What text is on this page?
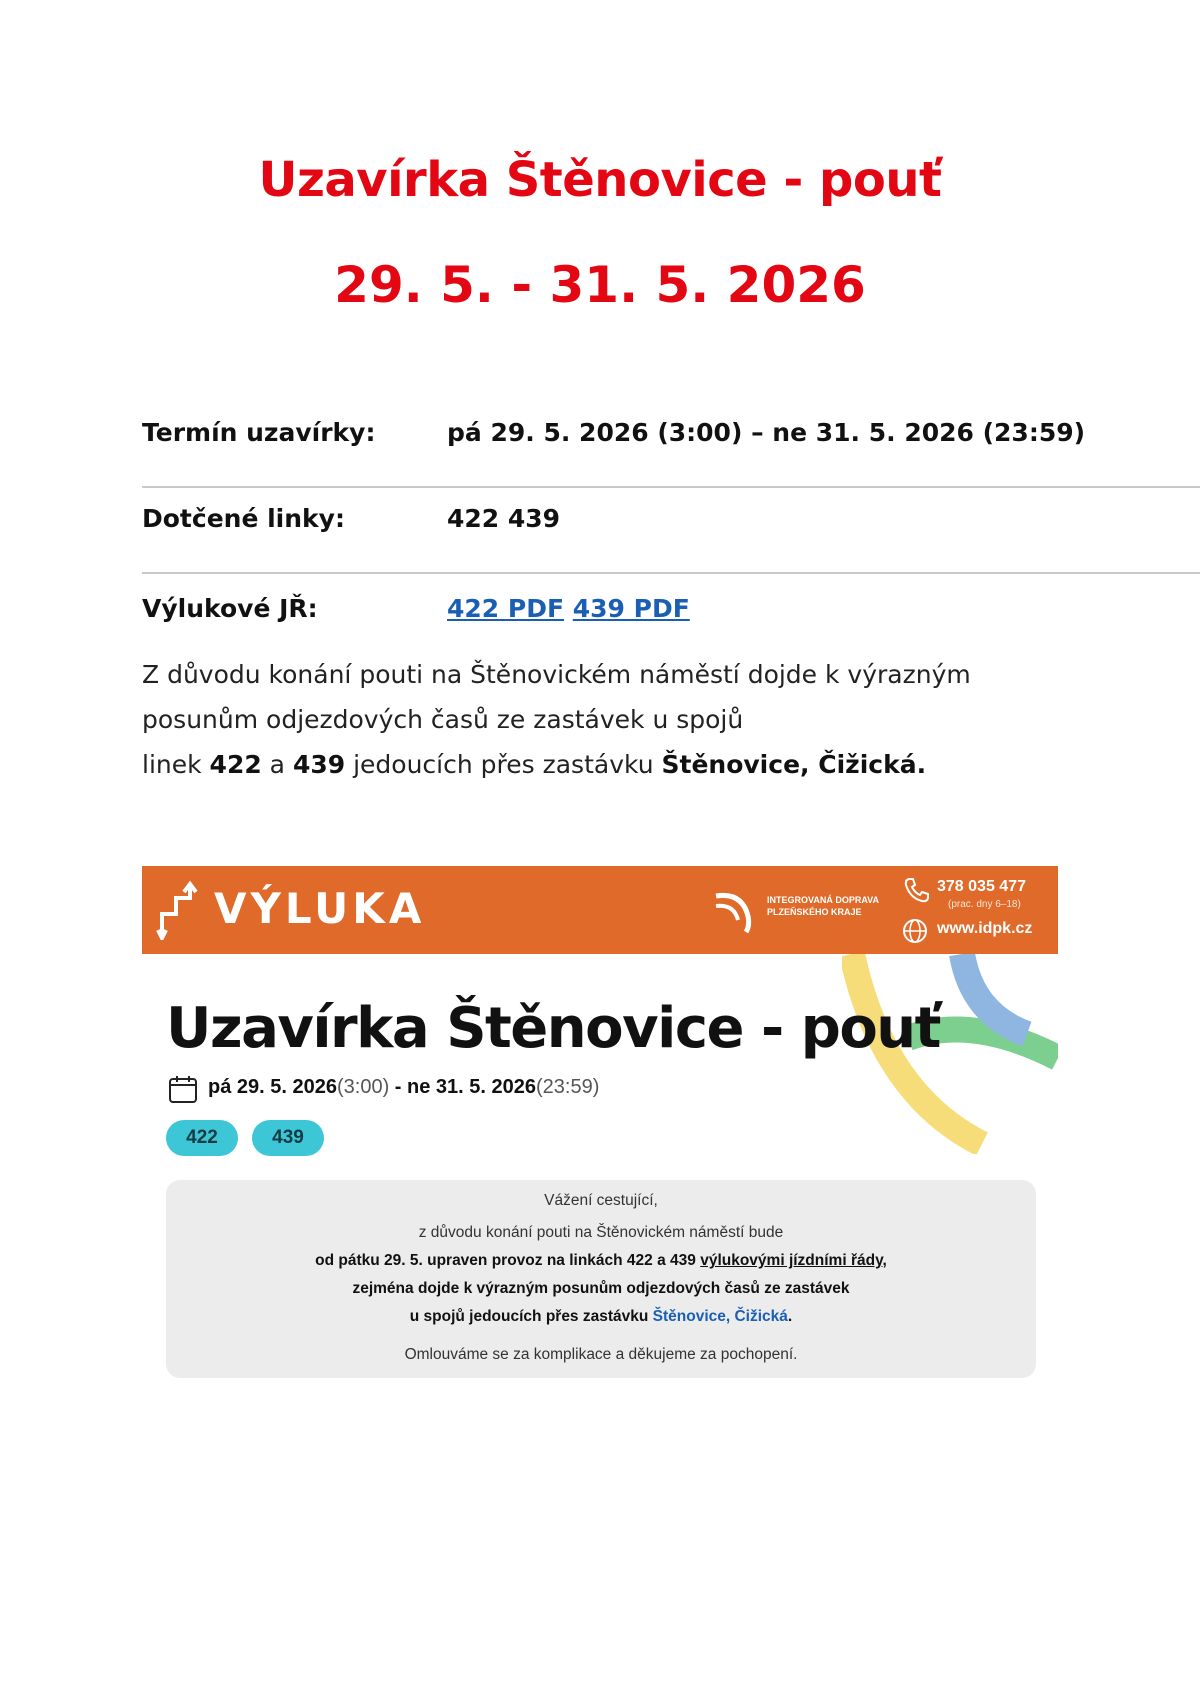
Uzavírka Štěnovice - pouť
29. 5. - 31. 5. 2026
Termín uzavírky:	pá 29. 5. 2026 (3:00) – ne 31. 5. 2026 (23:59)
Dotčené linky:	422 439
Výlukové JŘ:	422 PDF 439 PDF
Z důvodu konání pouti na Štěnovickém náměstí dojde k výrazným
posunům odjezdových časů ze zastávek u spojů
linek 422 a 439 jedoucích přes zastávku Štěnovice, Čižická.
VÝLUKA	INTEGROVANÁ DOPRAVA
PLZEŇSKÉHO KRAJE
378 035 477
(prac. dny 6–18)
www.idpk.cz
Uzavírka Štěnovice - pouť
pá 29. 5. 2026(3:00) - ne 31. 5. 2026(23:59)
422	439
Vážení cestující,
z důvodu konání pouti na Štěnovickém náměstí bude
od pátku 29. 5. upraven provoz na linkách 422 a 439 výlukovými jízdními řády,
zejména dojde k výrazným posunům odjezdových časů ze zastávek
u spojů jedoucích přes zastávku Štěnovice, Čižická.
Omlouváme se za komplikace a děkujeme za pochopení.
